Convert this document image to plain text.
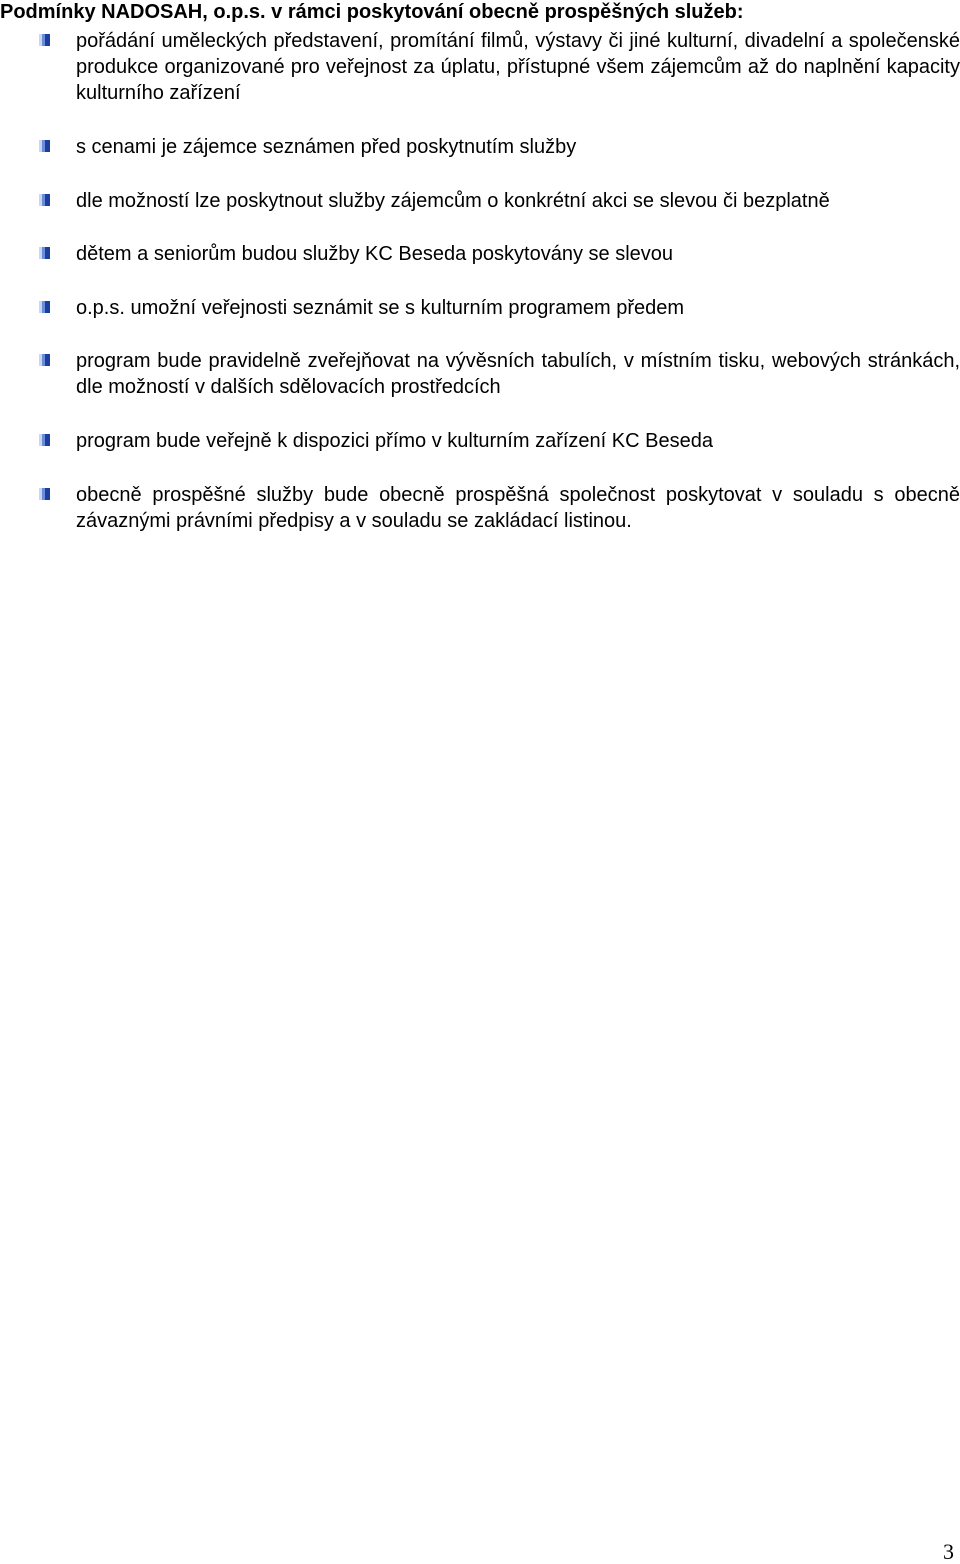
Podmínky NADOSAH, o.p.s. v rámci poskytování obecně prospěšných služeb:
pořádání uměleckých představení, promítání filmů, výstavy či jiné kulturní, divadelní a společenské produkce organizované pro veřejnost za úplatu, přístupné všem zájemcům až do naplnění kapacity kulturního zařízení
s cenami je zájemce seznámen před poskytnutím služby
dle možností lze poskytnout služby zájemcům o konkrétní akci se slevou či bezplatně
dětem a seniorům budou služby KC Beseda poskytovány se slevou
o.p.s. umožní veřejnosti seznámit se s kulturním programem předem
program bude pravidelně zveřejňovat na vývěsních tabulích, v místním tisku, webových stránkách, dle možností v dalších sdělovacích prostředcích
program bude veřejně k dispozici přímo v kulturním zařízení KC Beseda
obecně prospěšné služby bude obecně prospěšná společnost poskytovat v souladu s obecně závaznými právními předpisy a v souladu se zakládací listinou.
3
